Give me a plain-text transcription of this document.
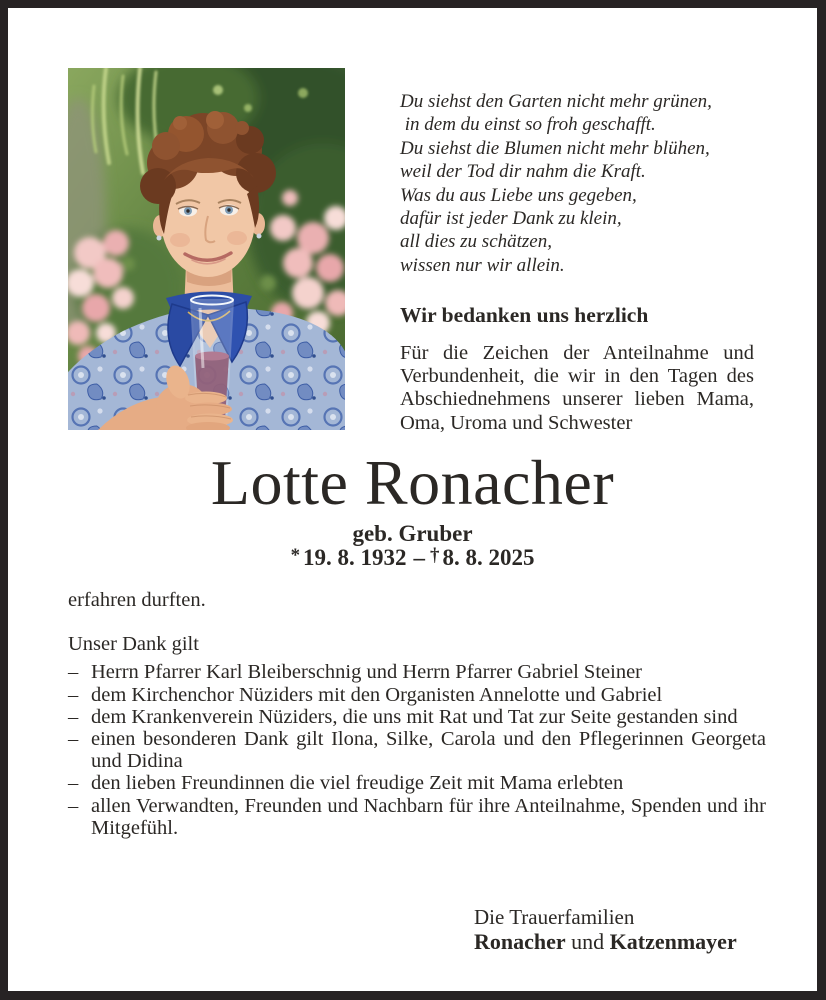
Du siehst den Garten nicht mehr grünen,
in dem du einst so froh geschafft.
Du siehst die Blumen nicht mehr blühen,
weil der Tod dir nahm die Kraft.
Was du aus Liebe uns gegeben,
dafür ist jeder Dank zu klein,
all dies zu schätzen,
wissen nur wir allein.
Wir bedanken uns herzlich
Für die Zeichen der Anteilnahme und Verbundenheit, die wir in den Tagen des Abschiednehmens unserer lieben Mama, Oma, Uroma und Schwester
Lotte Ronacher
geb. Gruber
* 19. 8. 1932 – † 8. 8. 2025

erfahren durften.

Unser Dank gilt

– Herrn Pfarrer Karl Bleiberschnig und Herrn Pfarrer Gabriel Steiner
– dem Kirchenchor Nüziders mit den Organisten Annelotte und Gabriel
– dem Krankenverein Nüziders, die uns mit Rat und Tat zur Seite gestanden sind
– einen besonderen Dank gilt Ilona, Silke, Carola und den Pflegerinnen Georgeta und Didina
– den lieben Freundinnen die viel freudige Zeit mit Mama erlebten
– allen Verwandten, Freunden und Nachbarn für ihre Anteilnahme, Spenden und ihr Mitgefühl.
Die Trauerfamilien
Ronacher und Katzenmayer
